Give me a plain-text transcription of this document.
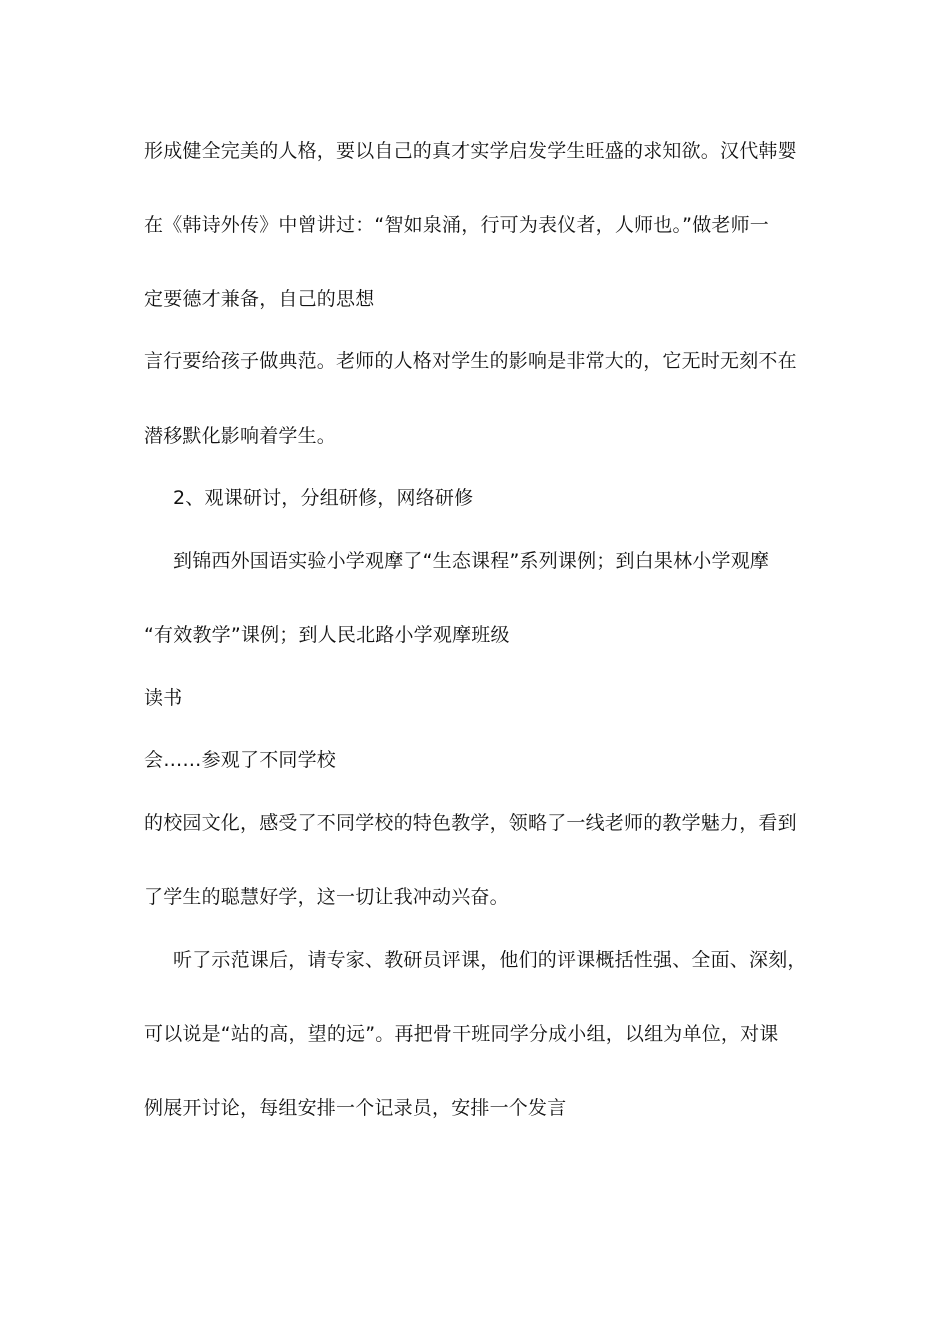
形成健全完美的人格，要以自己的真才实学启发学生旺盛的求知欲。汉代韩婴
在《韩诗外传》中曾讲过：“智如泉涌，行可为表仪者，人师也。”做老师一
定要德才兼备，自己的思想
言行要给孩子做典范。老师的人格对学生的影响是非常大的，它无时无刻不在
潜移默化影响着学生。
2、观课研讨，分组研修，网络研修
到锦西外国语实验小学观摩了“生态课程”系列课例；到白果林小学观摩
“有效教学”课例；到人民北路小学观摩班级
读书
会……参观了不同学校
的校园文化，感受了不同学校的特色教学，领略了一线老师的教学魅力，看到
了学生的聪慧好学，这一切让我冲动兴奋。
听了示范课后，请专家、教研员评课，他们的评课概括性强、全面、深刻，
可以说是“站的高，望的远”。再把骨干班同学分成小组，以组为单位，对课
例展开讨论，每组安排一个记录员，安排一个发言
